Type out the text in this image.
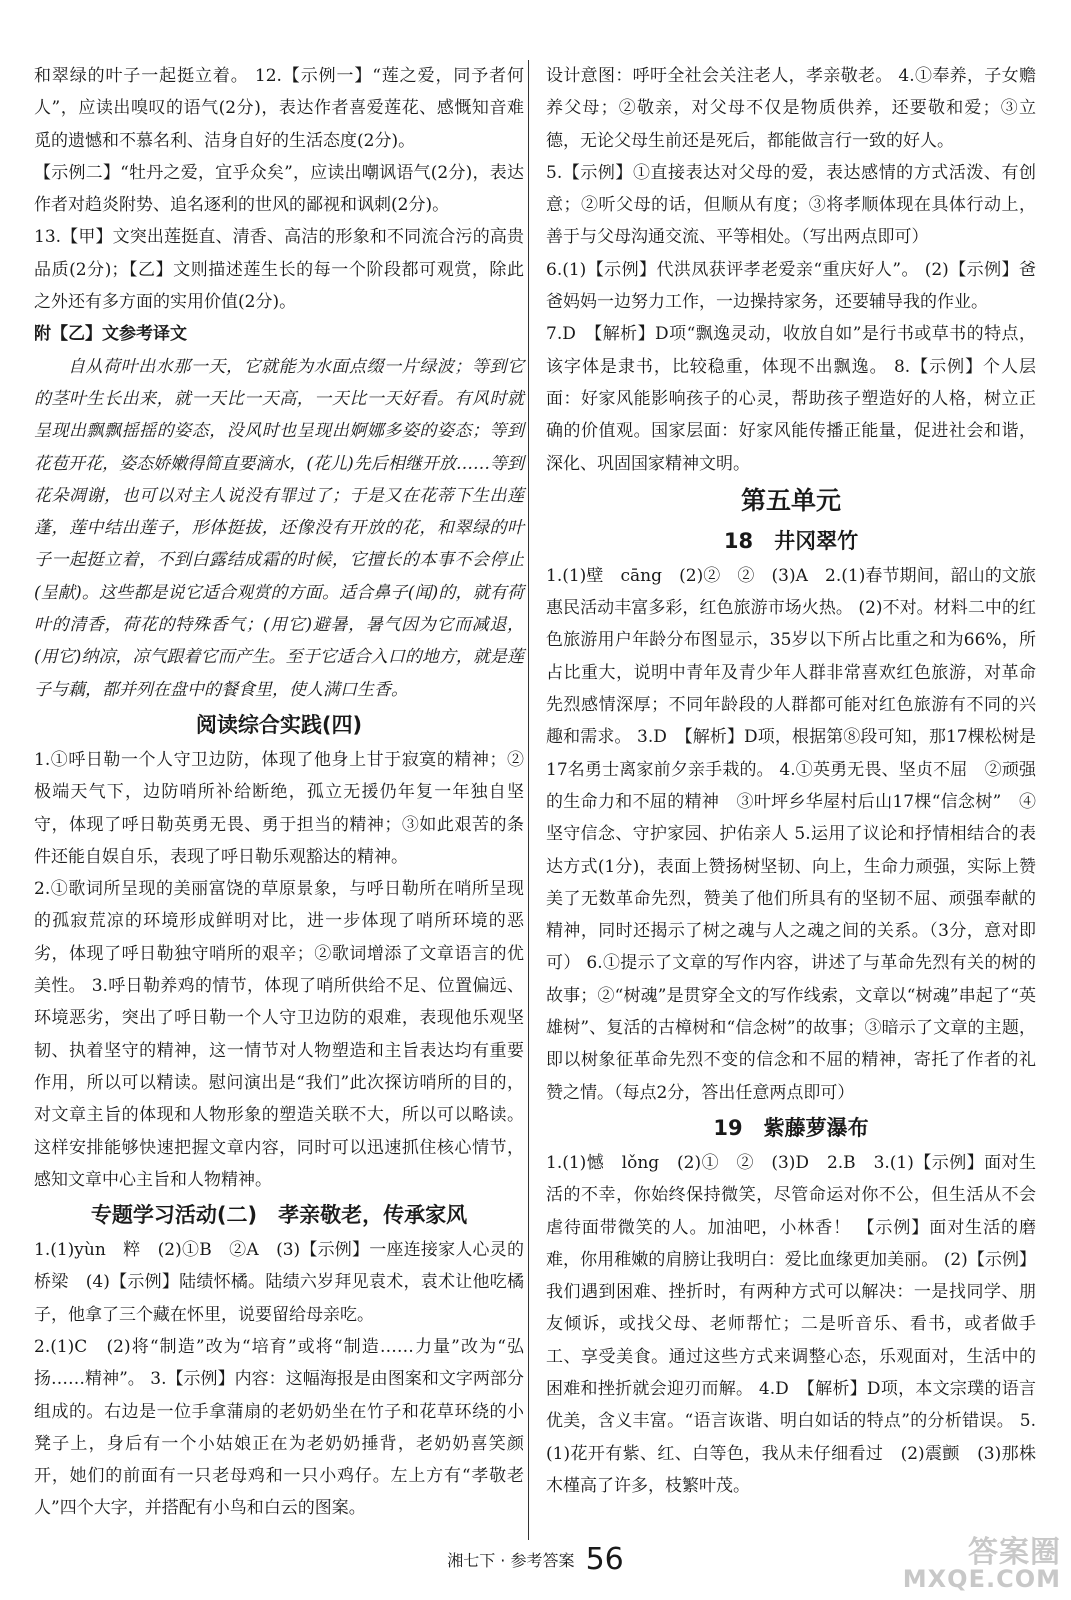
和翠绿的叶子一起挺立着。 12.【示例一】“莲之爱，同予者何人”，应读出嗅叹的语气(2分)，表达作者喜爱莲花、感慨知音难觅的遗憾和不慕名利、洁身自好的生活态度(2分)。

【示例二】“牡丹之爱，宜乎众矣”，应读出嘲讽语气(2分)，表达作者对趋炎附势、追名逐利的世风的鄙视和讽刺(2分)。

13.【甲】文突出莲挺直、清香、高洁的形象和不同流合污的高贵品质(2分)；【乙】文则描述莲生长的每一个阶段都可观赏，除此之外还有多方面的实用价值(2分)。

附【乙】文参考译文

自从荷叶出水那一天，它就能为水面点缀一片绿波；等到它的茎叶生长出来，就一天比一天高，一天比一天好看。有风时就呈现出飘飘摇摇的姿态，没风时也呈现出婀娜多姿的姿态；等到花苞开花，姿态娇嫩得简直要滴水，(花儿)先后相继开放……等到花朵凋谢，也可以对主人说没有罪过了；于是又在花蒂下生出莲蓬，莲中结出莲子，形体挺拔，还像没有开放的花，和翠绿的叶子一起挺立着，不到白露结成霜的时候，它擅长的本事不会停止(呈献)。这些都是说它适合观赏的方面。适合鼻子(闻)的，就有荷叶的清香，荷花的特殊香气；(用它)避暑，暑气因为它而减退，(用它)纳凉，凉气跟着它而产生。至于它适合入口的地方，就是莲子与藕，都并列在盘中的餐食里，使人满口生香。

阅读综合实践(四)

1.①呼日勒一个人守卫边防，体现了他身上甘于寂寞的精神；②极端天气下，边防哨所补给断绝，孤立无援仍年复一年独自坚守，体现了呼日勒英勇无畏、勇于担当的精神；③如此艰苦的条件还能自娱自乐，表现了呼日勒乐观豁达的精神。

2.①歌词所呈现的美丽富饶的草原景象，与呼日勒所在哨所呈现的孤寂荒凉的环境形成鲜明对比，进一步体现了哨所环境的恶劣，体现了呼日勒独守哨所的艰辛；②歌词增添了文章语言的优美性。 3.呼日勒养鸡的情节，体现了哨所供给不足、位置偏远、环境恶劣，突出了呼日勒一个人守卫边防的艰难，表现他乐观坚韧、执着坚守的精神，这一情节对人物塑造和主旨表达均有重要作用，所以可以精读。慰问演出是“我们”此次探访哨所的目的，对文章主旨的体现和人物形象的塑造关联不大，所以可以略读。这样安排能够快速把握文章内容，同时可以迅速抓住核心情节，感知文章中心主旨和人物精神。

专题学习活动(二)　孝亲敬老，传承家风

1.(1)yùn　粹　(2)①B　②A　(3)【示例】一座连接家人心灵的桥梁　(4)【示例】陆绩怀橘。陆绩六岁拜见袁术，袁术让他吃橘子，他拿了三个藏在怀里，说要留给母亲吃。

2.(1)C　(2)将“制造”改为“培育”或将“制造……力量”改为“弘扬……精神”。 3.【示例】内容：这幅海报是由图案和文字两部分组成的。右边是一位手拿蒲扇的老奶奶坐在竹子和花草环绕的小凳子上，身后有一个小姑娘正在为老奶奶捶背，老奶奶喜笑颜开，她们的前面有一只老母鸡和一只小鸡仔。左上方有“孝敬老人”四个大字，并搭配有小鸟和白云的图案。

设计意图：呼吁全社会关注老人，孝亲敬老。 4.①奉养，子女赡养父母；②敬亲，对父母不仅是物质供养，还要敬和爱；③立德，无论父母生前还是死后，都能做言行一致的好人。

5.【示例】①直接表达对父母的爱，表达感情的方式活泼、有创意；②听父母的话，但顺从有度；③将孝顺体现在具体行动上，善于与父母沟通交流、平等相处。（写出两点即可）

6.(1)【示例】代洪凤获评孝老爱亲“重庆好人”。 (2)【示例】爸爸妈妈一边努力工作，一边操持家务，还要辅导我的作业。

7.D　【解析】D项“飘逸灵动，收放自如”是行书或草书的特点，该字体是隶书，比较稳重，体现不出飘逸。 8.【示例】个人层面：好家风能影响孩子的心灵，帮助孩子塑造好的人格，树立正确的价值观。国家层面：好家风能传播正能量，促进社会和谐，深化、巩固国家精神文明。

第五单元

18　井冈翠竹

1.(1)壁　cāng　(2)②　②　(3)A　2.(1)春节期间，韶山的文旅惠民活动丰富多彩，红色旅游市场火热。 (2)不对。材料二中的红色旅游用户年龄分布图显示，35岁以下所占比重之和为66%，所占比重大，说明中青年及青少年人群非常喜欢红色旅游，对革命先烈感情深厚；不同年龄段的人群都可能对红色旅游有不同的兴趣和需求。 3.D　【解析】D项，根据第⑧段可知，那17棵松树是17名勇士离家前夕亲手栽的。 4.①英勇无畏、坚贞不屈　②顽强的生命力和不屈的精神　③叶坪乡华屋村后山17棵“信念树”　④坚守信念、守护家园、护佑亲人 5.运用了议论和抒情相结合的表达方式(1分)，表面上赞扬树坚韧、向上，生命力顽强，实际上赞美了无数革命先烈，赞美了他们所具有的坚韧不屈、顽强奉献的精神，同时还揭示了树之魂与人之魂之间的关系。（3分，意对即可） 6.①提示了文章的写作内容，讲述了与革命先烈有关的树的故事；②“树魂”是贯穿全文的写作线索，文章以“树魂”串起了“英雄树”、复活的古樟树和“信念树”的故事；③暗示了文章的主题，即以树象征革命先烈不变的信念和不屈的精神，寄托了作者的礼赞之情。（每点2分，答出任意两点即可）

19　紫藤萝瀑布

1.(1)憾　lǒng　(2)①　②　(3)D　2.B　3.(1)【示例】面对生活的不幸，你始终保持微笑，尽管命运对你不公，但生活从不会虐待面带微笑的人。加油吧，小林香！ 【示例】面对生活的磨难，你用稚嫩的肩膀让我明白：爱比血缘更加美丽。 (2)【示例】我们遇到困难、挫折时，有两种方式可以解决：一是找同学、朋友倾诉，或找父母、老师帮忙；二是听音乐、看书，或者做手工、享受美食。通过这些方式来调整心态，乐观面对，生活中的困难和挫折就会迎刃而解。 4.D　【解析】D项，本文宗璞的语言优美，含义丰富。“语言诙谐、明白如话的特点”的分析错误。 5.(1)花开有紫、红、白等色，我从未仔细看过　(2)震颤　(3)那株木槿高了许多，枝繁叶茂。

湘七下 · 参考答案 56	答案圈
MXQE.COM
